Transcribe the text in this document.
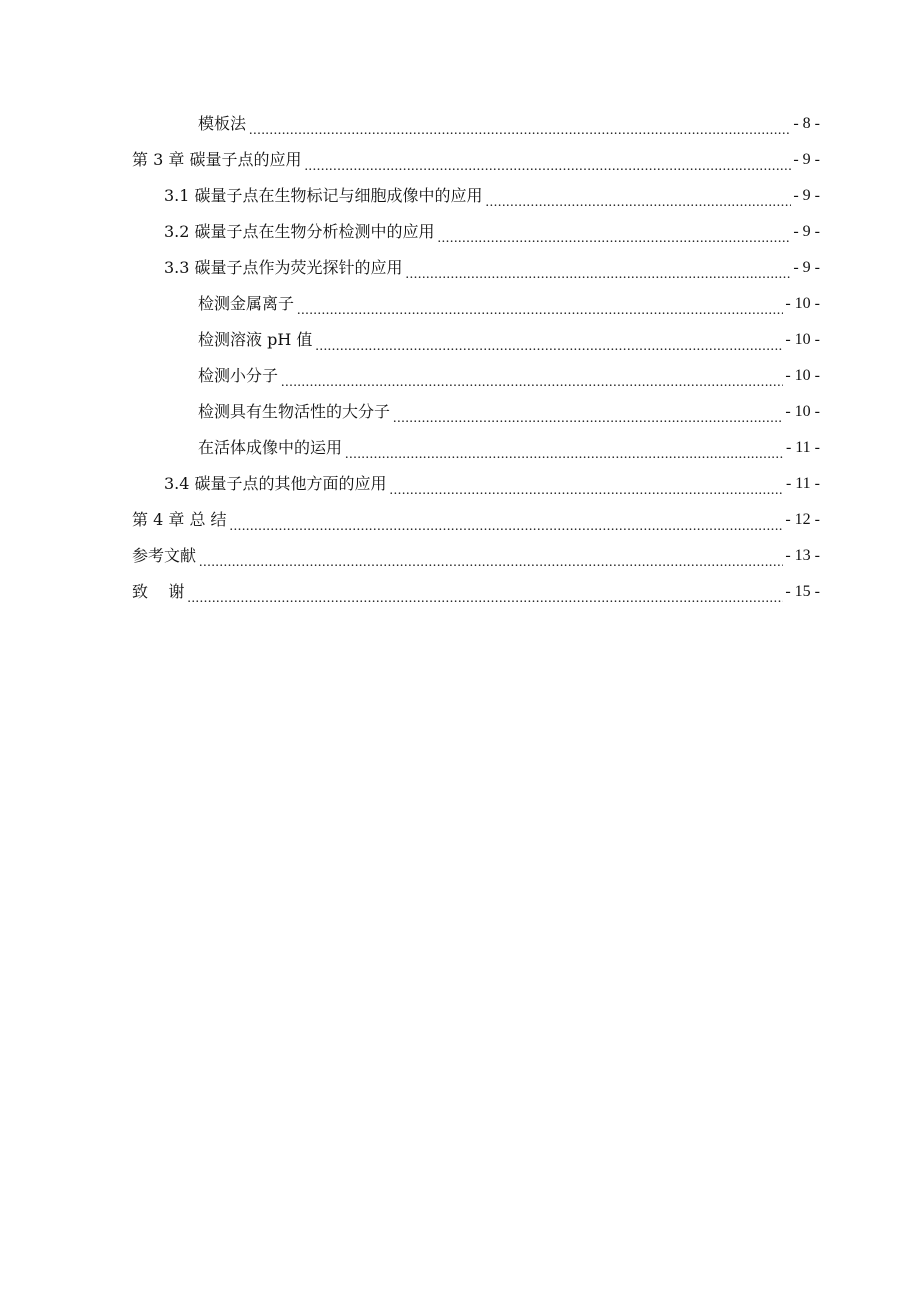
模板法 .....	- 8 -
第 3 章 碳量子点的应用 .....	- 9 -
3.1 碳量子点在生物标记与细胞成像中的应用 .....	- 9 -
3.2 碳量子点在生物分析检测中的应用 .....	- 9 -
3.3 碳量子点作为荧光探针的应用 .....	- 9 -
检测金属离子 .....	- 10 -
检测溶液 pH 值 .....	- 10 -
检测小分子 .....	- 10 -
检测具有生物活性的大分子 .....	- 10 -
在活体成像中的运用 .....	- 11 -
3.4 碳量子点的其他方面的应用 .....	- 11 -
第 4 章 总 结 .....	- 12 -
参考文献 .....	- 13 -
致    谢 .....	- 15 -
